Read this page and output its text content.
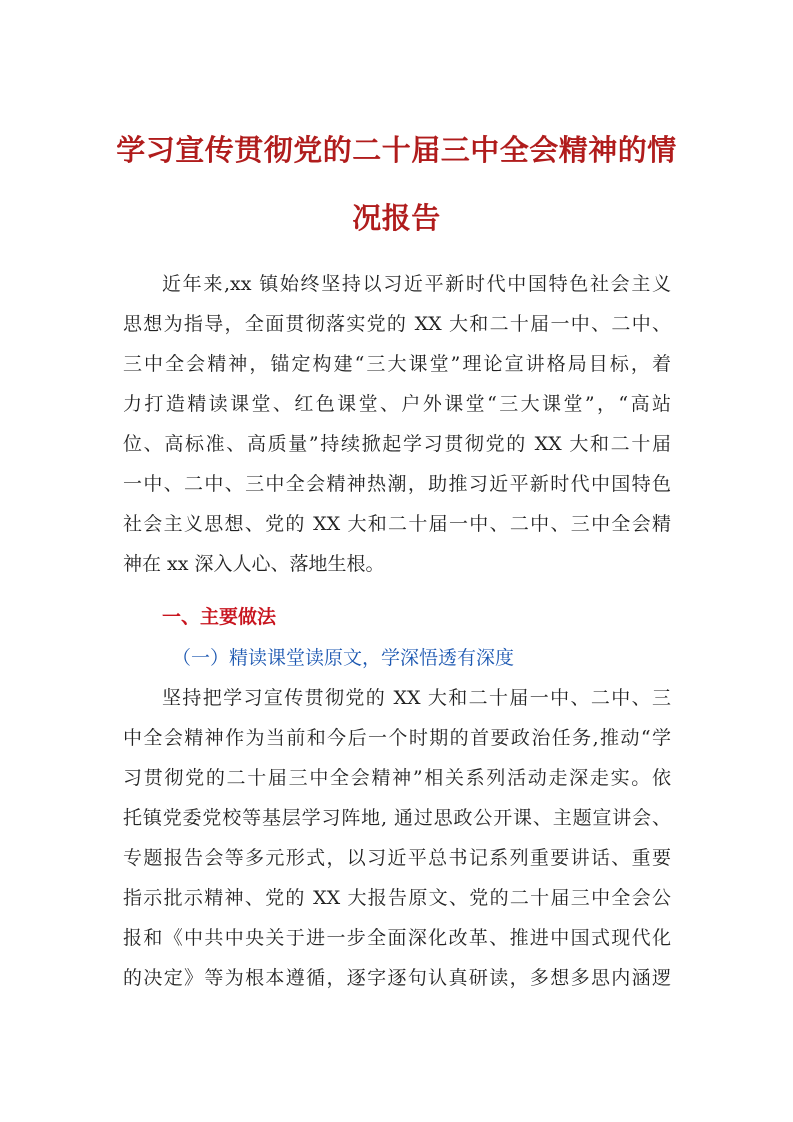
学习宣传贯彻党的二十届三中全会精神的情
况报告
近年来,xx 镇始终坚持以习近平新时代中国特色社会主义
思想为指导，全面贯彻落实党的 XX 大和二十届一中、二中、
三中全会精神，锚定构建“三大课堂”理论宣讲格局目标，着
力打造精读课堂、红色课堂、户外课堂“三大课堂”，“高站
位、高标准、高质量”持续掀起学习贯彻党的 XX 大和二十届
一中、二中、三中全会精神热潮，助推习近平新时代中国特色
社会主义思想、党的 XX 大和二十届一中、二中、三中全会精
神在 xx 深入人心、落地生根。
一、主要做法
（一）精读课堂读原文，学深悟透有深度
坚持把学习宣传贯彻党的 XX 大和二十届一中、二中、三
中全会精神作为当前和今后一个时期的首要政治任务,推动“学
习贯彻党的二十届三中全会精神”相关系列活动走深走实。依
托镇党委党校等基层学习阵地, 通过思政公开课、主题宣讲会、
专题报告会等多元形式，以习近平总书记系列重要讲话、重要
指示批示精神、党的 XX 大报告原文、党的二十届三中全会公
报和《中共中央关于进一步全面深化改革、推进中国式现代化
的决定》等为根本遵循，逐字逐句认真研读，多想多思内涵逻
